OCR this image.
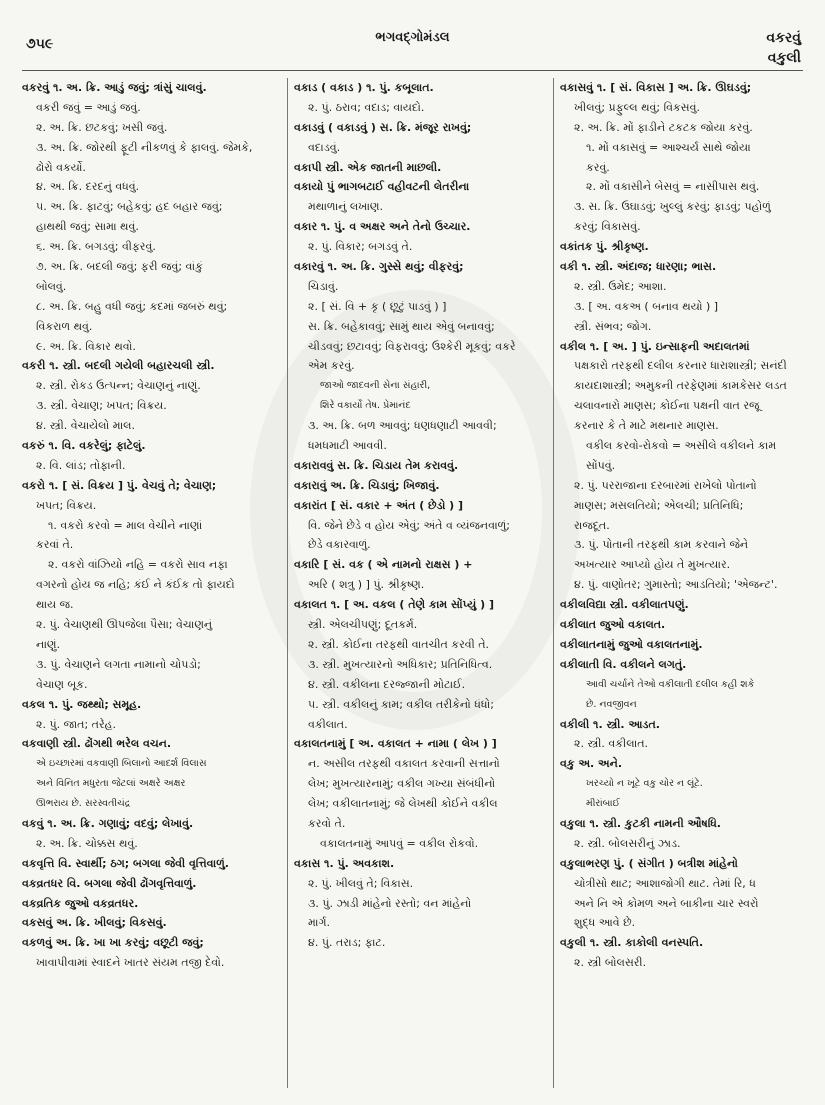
૭૫૯	ભગવદ્ગોમંડલ	વકરવું
વકુલી
વકરવું ૧. અ. ક્રિ. આડું જવું; ત્રાંસું ચાલવું.
વકરી જવું = આડું જવું.
૨. અ. ક્રિ. છટકવું; ખસી જવું.
૩. અ. ક્રિ. જોરથી ફૂટી નીકળવું કે ફાલવું. જેમકે,
ઢોરો વકર્યો.
૪. અ. ક્રિ. દરદનું વધવું.
૫. અ. ક્રિ. ફાટવું; બહેકવું; હદ બહાર જવું;
હાથથી જવું; સામા થવું.
૬. અ. ક્રિ. બગડવું; વીફરવું.
૭. અ. ક્રિ. બદલી જવું; ફરી જવું; વાંકું
બોલવું.
૮. અ. ક્રિ. બહુ વધી જવું; કદમાં જબરું થવું;
વિકરાળ થવું.
૯. અ. ક્રિ. વિકાર થવો.
વકરી ૧. સ્ત્રી. બદલી ગયેલી બહારચલી સ્ત્રી.
૨. સ્ત્રી. રોકડ ઉત્પન્ન; વેચાણનું નાણું.
૩. સ્ત્રી. વેચાણ; ખપત; વિક્રય.
૪. સ્ત્રી. વેચાયેલો માલ.
વકરું ૧. વિ. વકરેલું; ફાટેલું.
૨. વિ. લાંડ; તોફાની.
વકરો ૧. [ સં. વિક્રય ] પું. વેચવું તે; વેચાણ;
ખપત; વિક્રય.
૧. વકરો કરવો = માલ વેચીને નાણાં
કરવાં તે.
૨. વકરો વાંઝિયો નહિ = વકરો સાવ નફા
વગરનો હોય જ નહિ; કંઈ ને કંઈક તો ફાયદો
થાય જ.
૨. પું. વેચાણથી ઊપજેલા પૈસા; વેચાણનું
નાણું.
૩. પું. વેચાણને લગતા નામાનો ચોપડો;
વેચાણ બૂક.
વકલ ૧. પું. જથ્થો; સમૂહ.
૨. પું. જાત; તરેહ.
વકવાણી સ્ત્રી. ઢોંગથી ભરેલ વચન.
એ ઇચ્છારમાં વકવાણી બિલાનો આદર્શ વિલાસ
અને વિનિત મધુરતા જેટલાં અક્ષરે અક્ષર
ઊભરાય છે. સરસ્વતીચંદ્ર
વકવું ૧. અ. ક્રિ. ગણાવું; વદવું; લેખાવું.
૨. અ. ક્રિ. ચોક્કસ થવું.
વકવૃત્તિ વિ. સ્વાર્થી; ઠગ; બગલા જેવી વૃત્તિવાળું.
વકવ્રતધર વિ. બગલા જેવી ઢોંગવૃત્તિવાળું.
વકવ્રતિક જુઓ વકવ્રતધર.
વકસવું અ. ક્રિ. ખીલવું; વિકસવું.
વકળવું અ. ક્રિ. ખા ખા કરવું; વછૂટી જવું;
ખાવાપીવામાં સ્વાદને ખાતર સંયમ તજી દેવો.
વકાડ ( વકાડ ) ૧. પું. કબૂલાત.
૨. પું. ઠરાવ; વદાડ; વાયદો.
વકાડવું ( વકાડવું ) સ. ક્રિ. મંજૂર રાખવું;
વદાડવું.
વકાપી સ્ત્રી. એક જાતની માછલી.
વકાયો પું ભાગબટાઈ વહીવટની લેતરીના
મથાળાનું લખાણ.
વકાર ૧. પું. વ અક્ષર અને તેનો ઉચ્ચાર.
૨. પું. વિકાર; બગડવું તે.
વકારવું ૧. અ. ક્રિ. ગુસ્સે થવું; વીફરવું;
ચિડાવું.
૨. [ સં. વિ + કૃ ( છૂટું પાડવું ) ]
સ. ક્રિ. બહેકાવવું; સામું થાય એવું બનાવવું;
ચીડવવું; છટાવવું; વિફરાવવું; ઉશ્કેરી મૂકવું; વકરે
એમ કરવું.
જાઓ જાદવની સેના સંહારી,
શિરે વકાર્યો તેષ. પ્રેમાનંદ
૩. અ. ક્રિ. બળ આવવું; ધણધણાટી આવવી;
ધમધમાટી આવવી.
વકારાવવું સ. ક્રિ. ચિડાય તેમ કરાવવું.
વકારાવું અ. ક્રિ. ચિડાવું; ખિજાવું.
વકારાંત [ સં. વકાર + અંત ( છેડો ) ]
વિ. જેને છેડે વ હોય એવું; અંતે વ વ્યંજનવાળું;
છેડે વકારવાળું.
વકારિ [ સં. વક ( એ નામનો રાક્ષસ ) +
અરિ ( શત્રુ ) ] પું. શ્રીકૃષ્ણ.
વકાલત ૧. [ અ. વકલ ( તેણે કામ સોંપ્યું ) ]
સ્ત્રી. એલચીપણું; દૂતકર્મ.
૨. સ્ત્રી. કોઈના તરફથી વાતચીત કરવી તે.
૩. સ્ત્રી. મુખત્યારનો અધિકાર; પ્રતિનિધિત્વ.
૪. સ્ત્રી. વકીલના દરજ્જાની મોટાઈ.
૫. સ્ત્રી. વકીલનું કામ; વકીલ તરીકેનો ધંધો;
વકીલાત.
વકાલતનામું [ અ. વકાલત + નામા ( લેખ ) ]
ન. અસીલ તરફથી વકાલત કરવાની સત્તાનો
લેખ; મુખત્યારનામું; વકીલ ગખ્યા સંબંધીનો
લેખ; વકીલાતનામું; જે લેખથી કોઈને વકીલ
કરવો તે.
વકાલતનામું આપવું = વકીલ રોકવો.
વકાસ ૧. પું. અવકાશ.
૨. પું. ખીલવું તે; વિકાસ.
૩. પું. ઝાડી માંહેનો રસ્તો; વન માંહેનો
માર્ગ.
૪. પું. તરાડ; ફાટ.
વકાસવું ૧. [ સં. વિકાસ ] અ. ક્રિ. ઊઘડવું;
ખીલવું; પ્રફુલ્લ થવું; વિકસવું.
૨. અ. ક્રિ. મોં ફાડીને ટકટક જોયા કરવું.
૧. મોં વકાસવું = આશ્ચર્ય સાથે જોયા
કરવું.
૨. મોં વકાસીને બેસવું = નાસીપાસ થવું.
૩. સ. ક્રિ. ઉઘાડવું; ખુલ્લું કરવું; ફાડવું; પહોળું
કરવું; વિકાસવું.
વકાંતક પું. શ્રીકૃષ્ણ.
વકી ૧. સ્ત્રી. અંદાજ; ધારણા; ભાસ.
૨. સ્ત્રી. ઉમેદ; આશા.
૩. [ અ. વકઅ ( બનાવ થયો ) ]
સ્ત્રી. સંભવ; જોગ.
વકીલ ૧. [ અ. ] પું. ઇન્સાફની અદાલતમાં
પક્ષકારો તરફથી દલીલ કરનાર ધારાશાસ્ત્રી; સનંદી
કાયદાશાસ્ત્રી; અમુકની તરફેણમાં કામકેસર લડત
ચલાવનારો માણસ; કોઈના પક્ષની વાત રજૂ
કરનાર કે તે માટે મથનાર માણસ.
વકીલ કરવો-રોકવો = અસીલે વકીલને કામ
સોંપવું.
૨. પું. પરરાજાના દરબારમાં રાખેલો પોતાનો
માણસ; મસલતિયો; એલચી; પ્રતિનિધિ;
રાજદૂત.
૩. પું. પોતાની તરફથી કામ કરવાને જેને
અખત્યાર આપ્યો હોય તે મુખત્યાર.
૪. પું. વાણોતર; ગુમાસ્તો; આડતિયો; 'એજન્ટ'.
વકીલવિદ્યા સ્ત્રી. વકીલાતપણું.
વકીલાત જુઓ વકાલત.
વકીલાતનામું જુઓ વકાલતનામું.
વકીલાતી વિ. વકીલને લગતું.
આવી ચર્ચાને તેઓ વકીલાતી દલીલ કહી શકે
છે. નવજીવન
વકીલી ૧. સ્ત્રી. આડત.
૨. સ્ત્રી. વકીલાત.
વકુ અ. અને.
ખરચ્યો ન ખૂટે વકુ ચોર ન લૂંટે.
મીરાંબાઈ
વકુલા ૧. સ્ત્રી. કુટકી નામની ઔષધિ.
૨. સ્ત્રી. બોલસરીનું ઝાડ.
વકુલાભરણ પું. ( સંગીત ) બત્રીશ માંહેનો
ચોત્રીસો થાટ; આશાજોગી થાટ. તેમાં રિ, ધ
અને નિ એ કોમળ અને બાકીના ચાર સ્વરો
શુદ્ધ આવે છે.
વકુલી ૧. સ્ત્રી. કાકોલી વનસ્પતિ.
૨. સ્ત્રી બોલસરી.
